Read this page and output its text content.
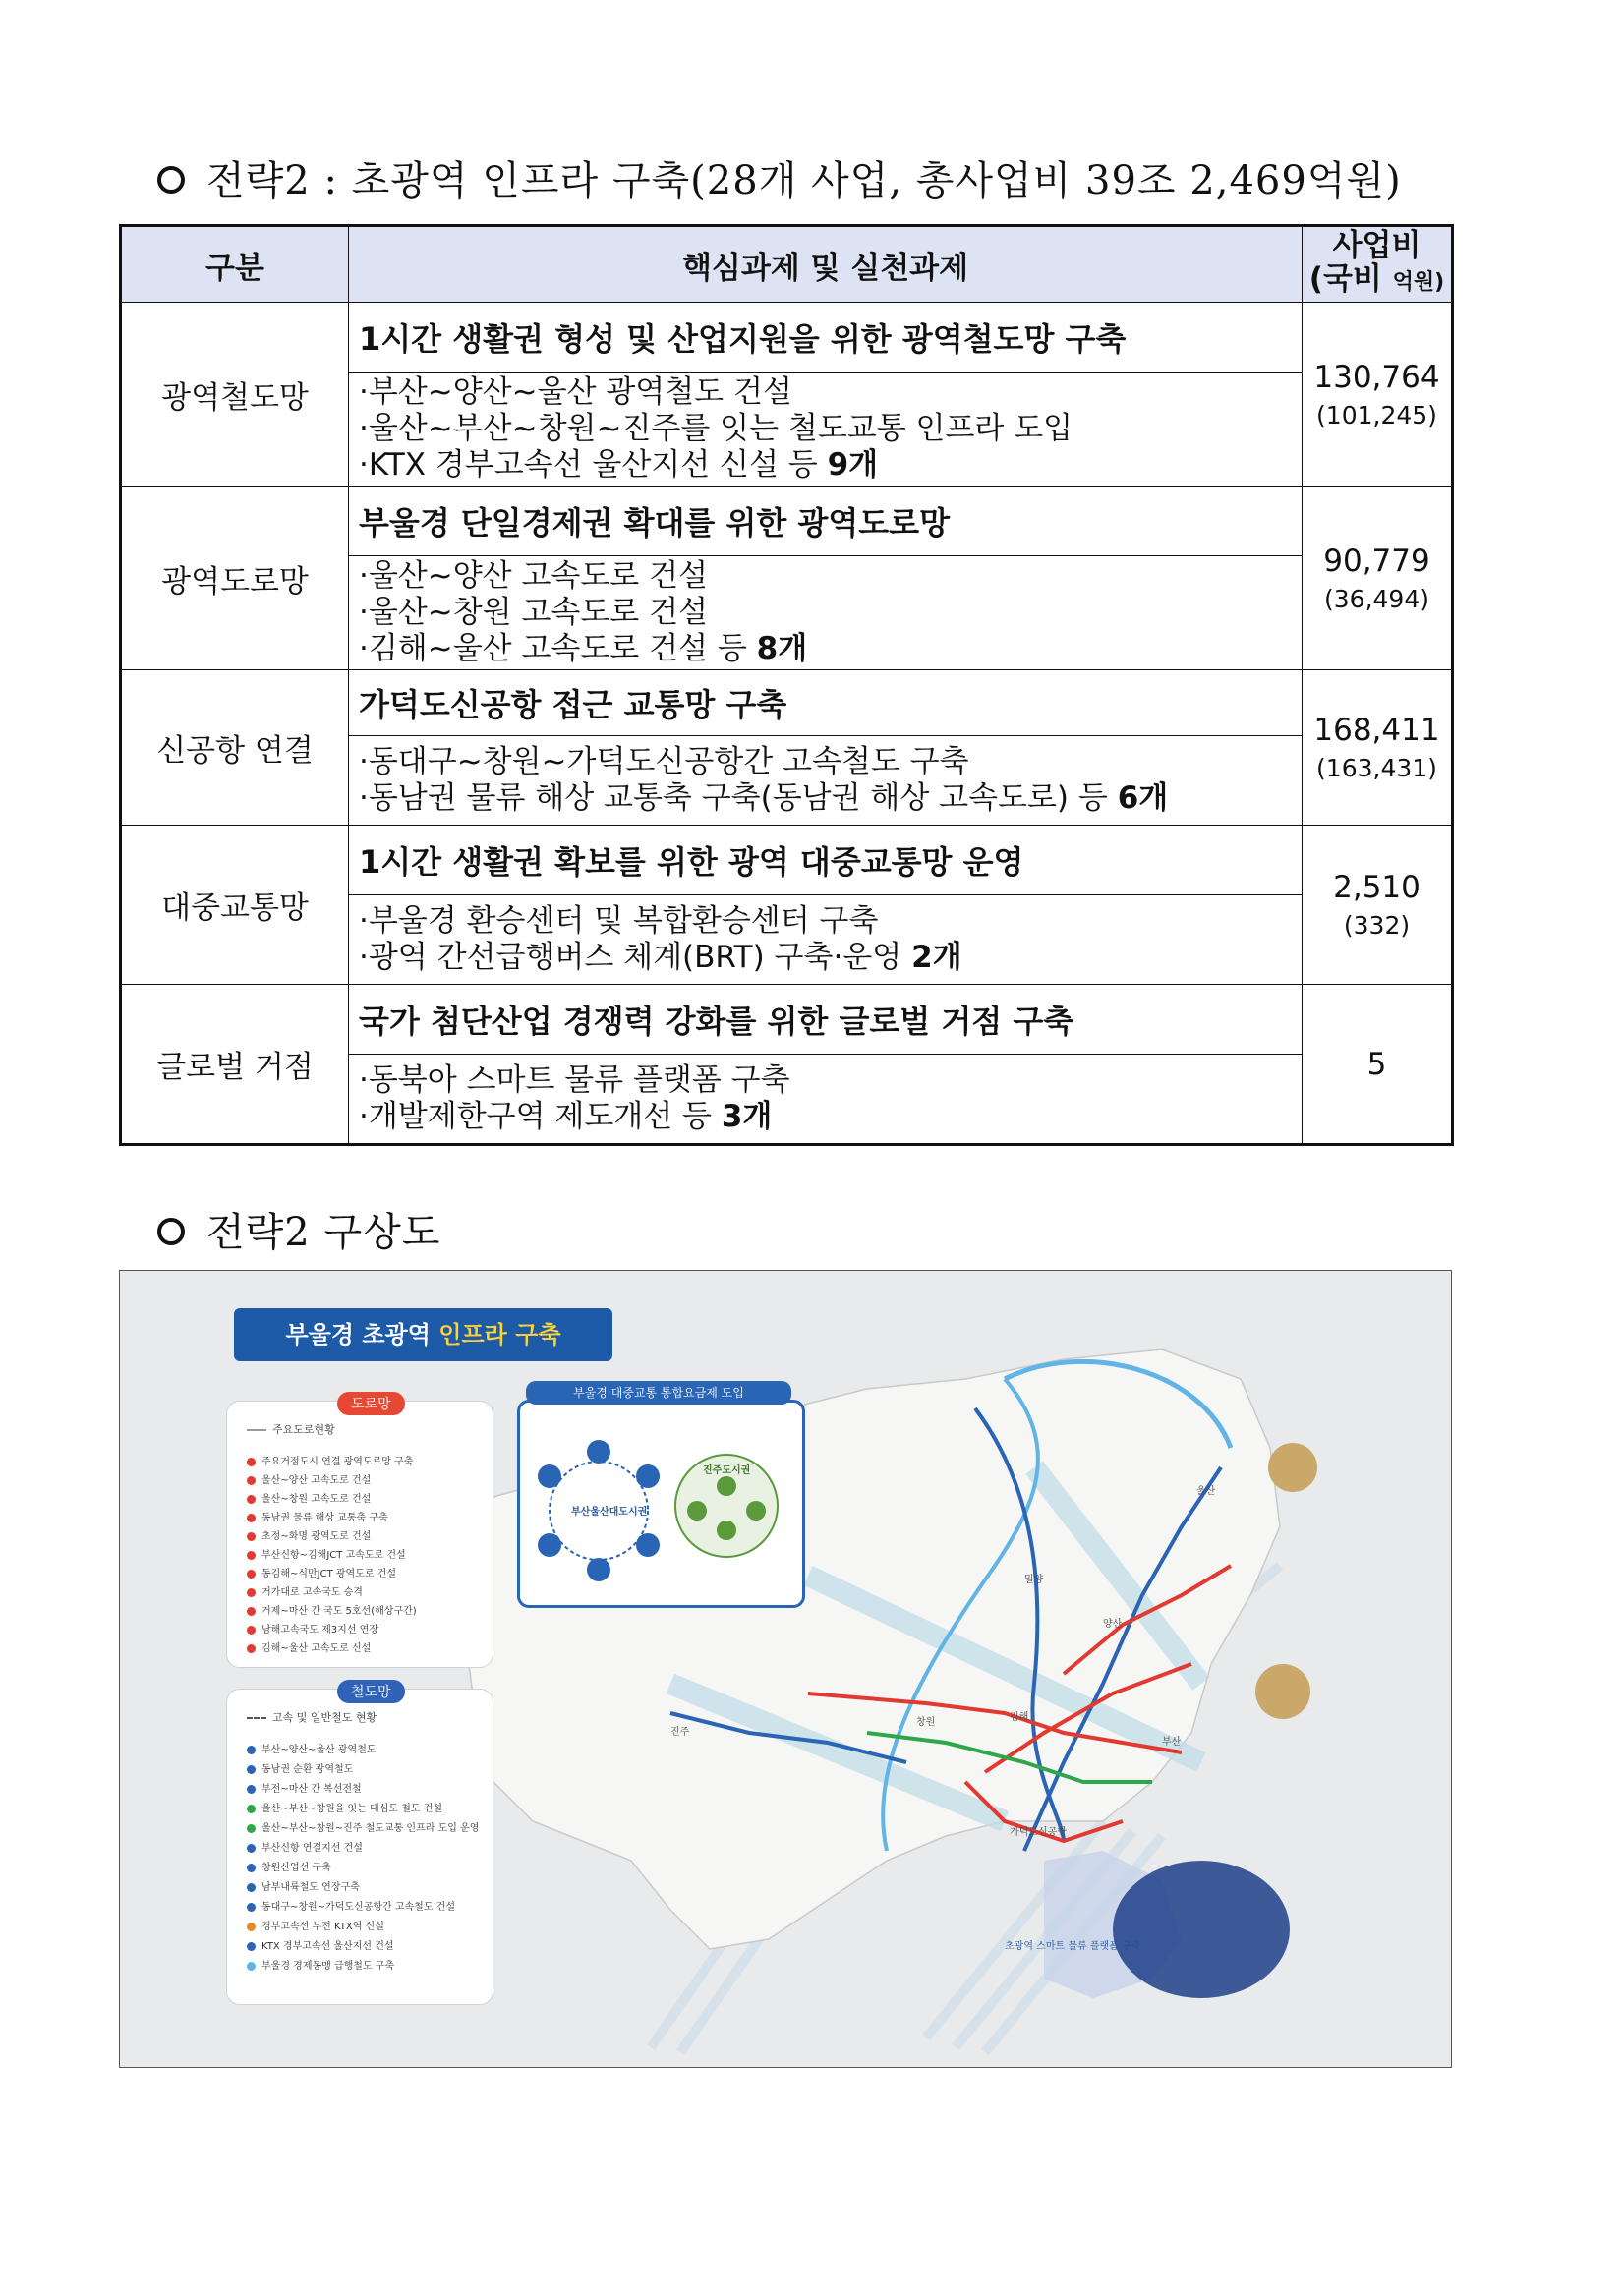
전략2 : 초광역 인프라 구축(28개 사업, 총사업비 39조 2,469억원)
구분	핵심과제 및 실천과제	사업비
(국비 억원)
광역철도망	1시간 생활권 형성 및 산업지원을 위한 광역철도망 구축	130,764
(101,245)

	·부산~양산~울산 광역철도 건설
·울산~부산~창원~진주를 잇는 철도교통 인프라 도입
·KTX 경부고속선 울산지선 신설 등 9개	

광역도로망	부울경 단일경제권 확대를 위한 광역도로망	90,779
(36,494)

	·울산~양산 고속도로 건설
·울산~창원 고속도로 건설
·김해~울산 고속도로 건설 등 8개	

신공항 연결	가덕도신공항 접근 교통망 구축	168,411
(163,431)

	·동대구~창원~가덕도신공항간 고속철도 구축
·동남권 물류 해상 교통축 구축(동남권 해상 고속도로) 등 6개	

대중교통망	1시간 생활권 확보를 위한 광역 대중교통망 운영	2,510
(332)

	·부울경 환승센터 및 복합환승센터 구축
·광역 간선급행버스 체계(BRT) 구축·운영 2개	

글로벌 거점	국가 첨단산업 경쟁력 강화를 위한 글로벌 거점 구축	5

	·동북아 스마트 물류 플랫폼 구축
·개발제한구역 제도개선 등 3개	
전략2 구상도
부울경 초광역 인프라 구축
도로망
주요도로현황
주요거점도시 연결 광역도로망 구축
울산~양산 고속도로 건설
울산~창원 고속도로 건설
동남권 물류 해상 교통축 구축
초정~화명 광역도로 건설
부산신항~김해JCT 고속도로 건설
동김해~식만JCT 광역도로 건설
거가대로 고속국도 승격
거제~마산 간 국도 5호선(해상구간)
남해고속국도 제3지선 연장
김해~울산 고속도로 신설
철도망
고속 및 일반철도 현황
부산~양산~울산 광역철도
동남권 순환 광역철도
부전~마산 간 복선전철
울산~부산~창원을 잇는 대심도 철도 건설
울산~부산~창원~진주 철도교통 인프라 도입 운영
부산신항 연결지선 건설
창원산업선 구축
남부내륙철도 연장구축
동대구~창원~가덕도신공항간 고속철도 건설
경부고속선 부전 KTX역 신설
KTX 경부고속선 울산지선 건설
부울경 경제동맹 급행철도 구축
부울경 대중교통 통합요금제 도입
부산울산대도시권
진주도시권
밀양
양산
김해
창원
울산
부산
진주
가덕도신공항
초광역 스마트 물류 플랫폼 구축
